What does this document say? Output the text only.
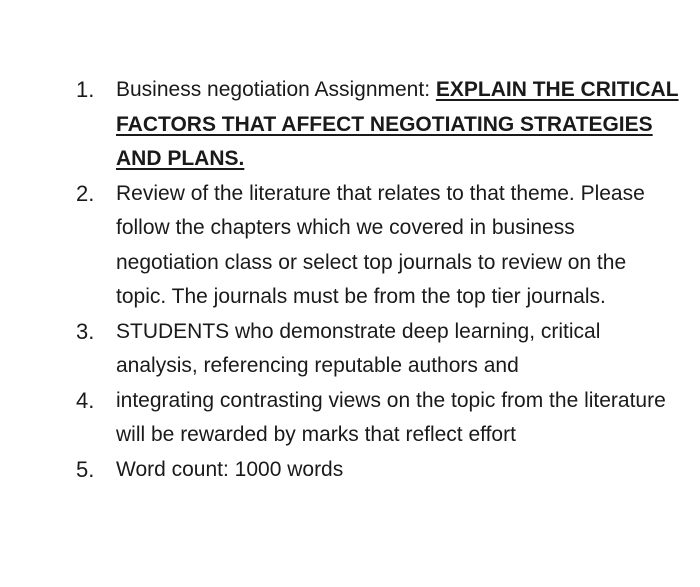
1. Business negotiation Assignment: EXPLAIN THE CRITICAL FACTORS THAT AFFECT NEGOTIATING STRATEGIES AND PLANS.
2. Review of the literature that relates to that theme. Please follow the chapters which we covered in business negotiation class or select top journals to review on the topic. The journals must be from the top tier journals.
3. STUDENTS who demonstrate deep learning, critical analysis, referencing reputable authors and
4. integrating contrasting views on the topic from the literature will be rewarded by marks that reflect effort
5. Word count: 1000 words
